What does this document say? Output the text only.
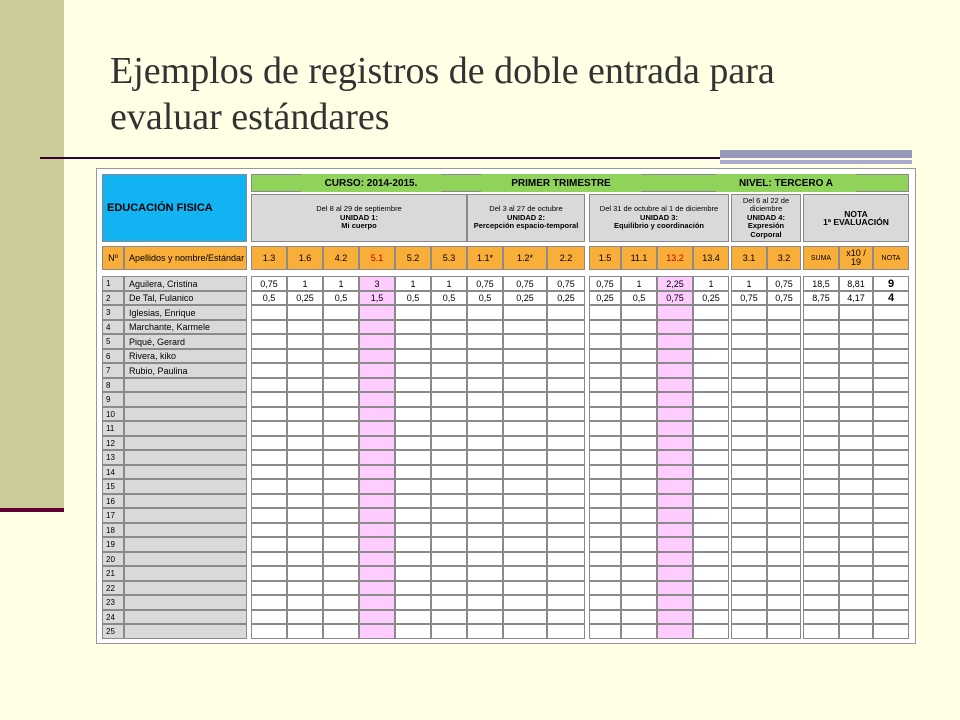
Ejemplos de registros de doble entrada para
evaluar estándares
CURSO: 2014-2015.	PRIMER TRIMESTRE	NIVEL: TERCERO A
EDUCACIÓN FISICA	Del 8 al 29 de septiembre
UNIDAD 1:
Mi cuerpo
Del 3 al 27 de octubre
UNIDAD 2:
Percepción espacio-temporal
Del 31 de octubre al 1 de diciembre
UNIDAD 3:
Equilibrio y coordinación
Del 6 al 22 de diciembre
UNIDAD 4:
Expresión Corporal
NOTA
1ª EVALUACIÓN
Nº	Apellidos y nombre/Estándar	1.3	1.6	4.2	5.1	5.2	5.3	1.1*	1.2*	2.2	1.5	11.1	13.2	13.4	3.1	3.2	SUMA	x10 / 19	NOTA
1	Aguilera, Cristina	0,75	1	1	3	1	1	0,75	0,75	0,75	0,75	1	2,25	1	1	0,75	18,5	8,81	9
2	De Tal, Fulanico	0,5	0,25	0,5	1,5	0,5	0,5	0,5	0,25	0,25	0,25	0,5	0,75	0,25	0,75	0,75	8,75	4,17	4
3	Iglesias, Enrique
4	Marchante, Karmele
5	Piqué, Gerard
6	Rivera, kiko
7	Rubio, Paulina
8
9
10
11
12
13
14
15
16
17
18
19
20
21
22
23
24
25
